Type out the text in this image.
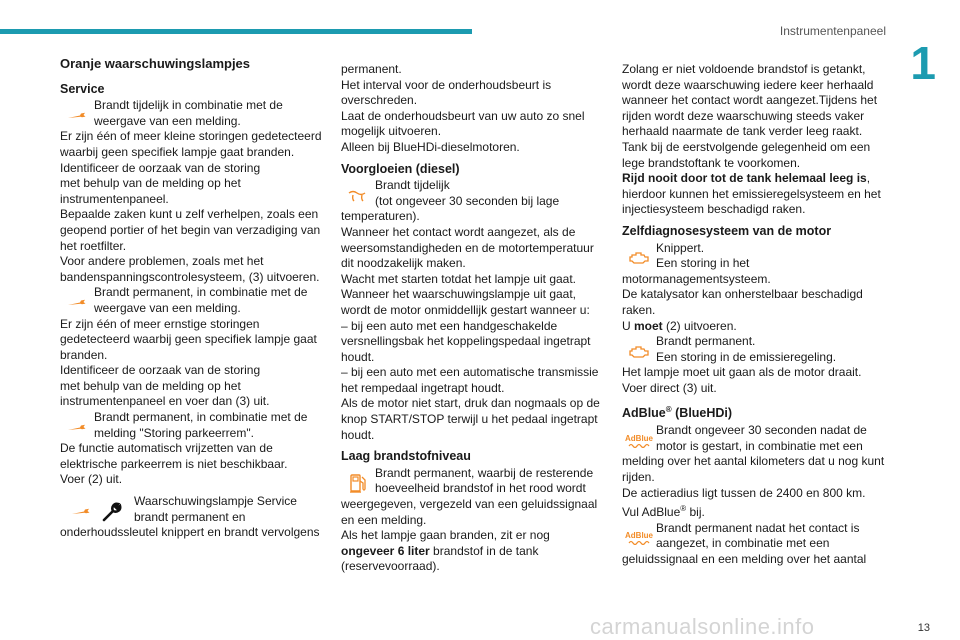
Instrumentenpaneel
1
Oranje waarschuwingslampjes
Service

Brandt tijdelijk in combinatie met de weergave van een melding.

Er zijn één of meer kleine storingen gedetecteerd waarbij geen specifiek lampje gaat branden.
Identificeer de oorzaak van de storing
met behulp van de melding op het instrumentenpaneel.
Bepaalde zaken kunt u zelf verhelpen, zoals een geopend portier of het begin van verzadiging van het roetfilter.
Voor andere problemen, zoals met het bandenspanningscontrolesysteem, (3) uitvoeren.

Brandt permanent, in combinatie met de weergave van een melding.

Er zijn één of meer ernstige storingen gedetecteerd waarbij geen specifiek lampje gaat branden.
Identificeer de oorzaak van de storing
met behulp van de melding op het instrumentenpaneel en voer dan (3) uit.

Brandt permanent, in combinatie met de melding "Storing parkeerrem".

De functie automatisch vrijzetten van de elektrische parkeerrem is niet beschikbaar.
Voer (2) uit.

Waarschuwingslampje Service brandt permanent en

onderhoudssleutel knippert en brandt vervolgens

permanent.
Het interval voor de onderhoudsbeurt is overschreden.
Laat de onderhoudsbeurt van uw auto zo snel mogelijk uitvoeren.
Alleen bij BlueHDi-dieselmotoren.

Voorgloeien (diesel)

Brandt tijdelijk
(tot ongeveer 30 seconden bij lage

temperaturen).
Wanneer het contact wordt aangezet, als de weersomstandigheden en de motortemperatuur dit noodzakelijk maken.
Wacht met starten totdat het lampje uit gaat.
Wanneer het waarschuwingslampje uit gaat, wordt de motor onmiddellijk gestart wanneer u:
– bij een auto met een handgeschakelde versnellingsbak het koppelingspedaal ingetrapt houdt.
– bij een auto met een automatische transmissie het rempedaal ingetrapt houdt.
Als de motor niet start, druk dan nogmaals op de knop START/STOP terwijl u het pedaal ingetrapt houdt.

Laag brandstofniveau

Brandt permanent, waarbij de resterende hoeveelheid brandstof in het rood wordt

weergegeven, vergezeld van een geluidssignaal en een melding.
Als het lampje gaan branden, zit er nog ongeveer 6 liter brandstof in de tank (reservevoorraad).

Zolang er niet voldoende brandstof is getankt, wordt deze waarschuwing iedere keer herhaald wanneer het contact wordt aangezet.Tijdens het rijden wordt deze waarschuwing steeds vaker herhaald naarmate de tank verder leeg raakt.
Tank bij de eerstvolgende gelegenheid om een lege brandstoftank te voorkomen.
Rijd nooit door tot de tank helemaal leeg is, hierdoor kunnen het emissieregelsysteem en het injectiesysteem beschadigd raken.

Zelfdiagnosesysteem van de motor

Knippert.
Een storing in het

motormanagementsysteem.
De katalysator kan onherstelbaar beschadigd raken.
U moet (2) uitvoeren.

Brandt permanent.
Een storing in de emissieregeling.

Het lampje moet uit gaan als de motor draait.
Voer direct (3) uit.

AdBlue® (BlueHDi)
AdBlue

Brandt ongeveer 30 seconden nadat de motor is gestart, in combinatie met een

melding over het aantal kilometers dat u nog kunt rijden.
De actieradius ligt tussen de 2400 en 800 km.
Vul AdBlue® bij.

AdBlue

Brandt permanent nadat het contact is aangezet, in combinatie met een

geluidssignaal en een melding over het aantal

carmanualsonline.info	13
